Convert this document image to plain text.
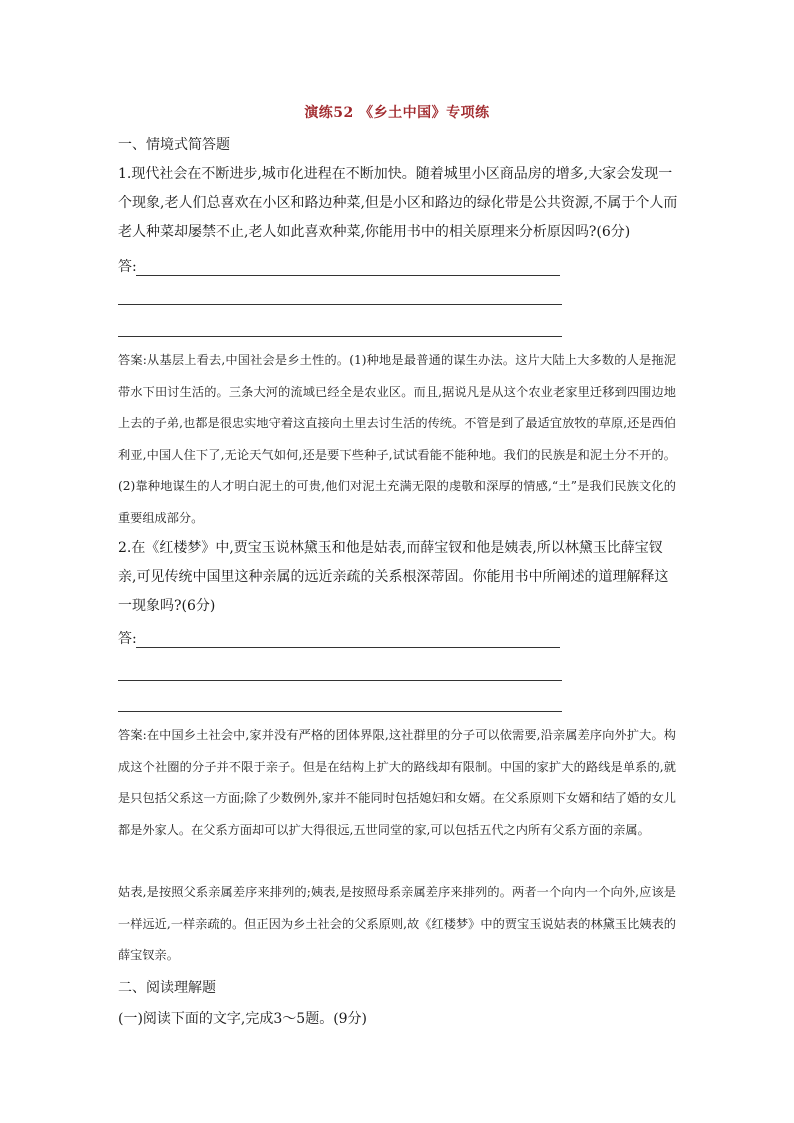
演练52 《乡土中国》专项练
一、情境式简答题
1.现代社会在不断进步,城市化进程在不断加快。随着城里小区商品房的增多,大家会发现一个现象,老人们总喜欢在小区和路边种菜,但是小区和路边的绿化带是公共资源,不属于个人而老人种菜却屡禁不止,老人如此喜欢种菜,你能用书中的相关原理来分析原因吗?(6分)
答:
答案:从基层上看去,中国社会是乡土性的。(1)种地是最普通的谋生办法。这片大陆上大多数的人是拖泥带水下田讨生活的。三条大河的流域已经全是农业区。而且,据说凡是从这个农业老家里迁移到四围边地上去的子弟,也都是很忠实地守着这直接向土里去讨生活的传统。不管是到了最适宜放牧的草原,还是西伯利亚,中国人住下了,无论天气如何,还是要下些种子,试试看能不能种地。我们的民族是和泥土分不开的。(2)靠种地谋生的人才明白泥土的可贵,他们对泥土充满无限的虔敬和深厚的情感,“土”是我们民族文化的重要组成部分。
2.在《红楼梦》中,贾宝玉说林黛玉和他是姑表,而薛宝钗和他是姨表,所以林黛玉比薛宝钗亲,可见传统中国里这种亲属的远近亲疏的关系根深蒂固。你能用书中所阐述的道理解释这一现象吗?(6分)
答:
答案:在中国乡土社会中,家并没有严格的团体界限,这社群里的分子可以依需要,沿亲属差序向外扩大。构成这个社圈的分子并不限于亲子。但是在结构上扩大的路线却有限制。中国的家扩大的路线是单系的,就是只包括父系这一方面;除了少数例外,家并不能同时包括媳妇和女婿。在父系原则下女婿和结了婚的女儿都是外家人。在父系方面却可以扩大得很远,五世同堂的家,可以包括五代之内所有父系方面的亲属。
姑表,是按照父系亲属差序来排列的;姨表,是按照母系亲属差序来排列的。两者一个向内一个向外,应该是一样远近,一样亲疏的。但正因为乡土社会的父系原则,故《红楼梦》中的贾宝玉说姑表的林黛玉比姨表的薛宝钗亲。
二、阅读理解题
(一)阅读下面的文字,完成3～5题。(9分)
